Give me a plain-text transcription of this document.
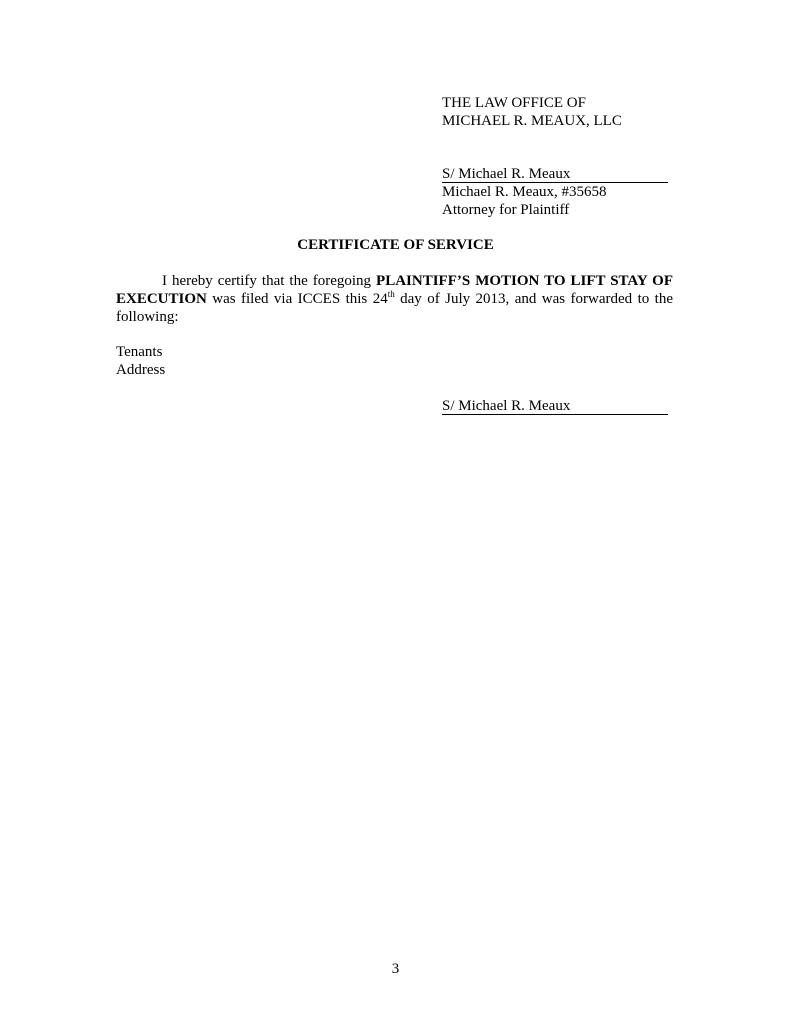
THE LAW OFFICE OF
MICHAEL R. MEAUX, LLC
S/ Michael R. Meaux
Michael R. Meaux, #35658
Attorney for Plaintiff
CERTIFICATE OF SERVICE
I hereby certify that the foregoing PLAINTIFF’S MOTION TO LIFT STAY OF EXECUTION was filed via ICCES this 24th day of July 2013, and was forwarded to the following:
Tenants
Address
S/ Michael R. Meaux
3
